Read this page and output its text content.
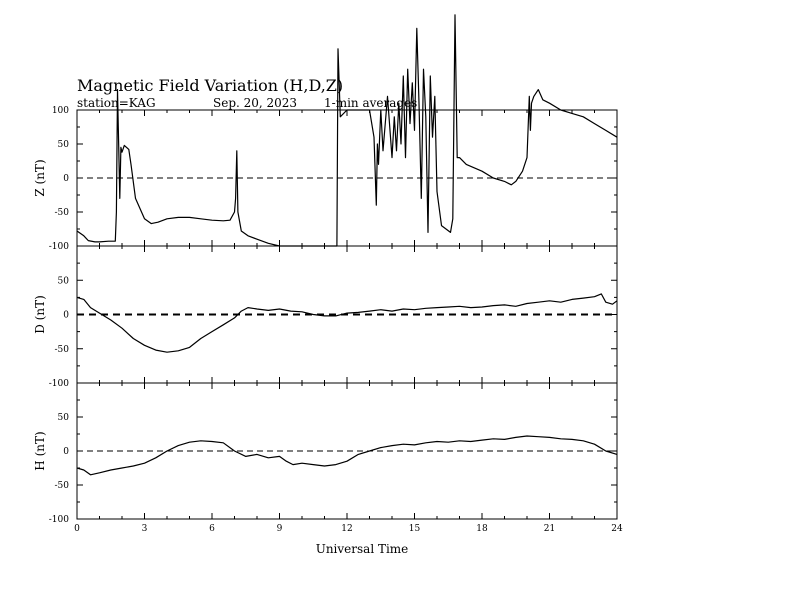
Magnetic Field Variation (H,D,Z)
station=KAG	Sep. 20, 2023 1-min averages
100
50
0
-50
-100
Z (nT)
50
0
-50
-100
D (nT)
50
0
-50
-100
H (nT)
0	3	6	9	12	15	18	21	24
Universal Time
